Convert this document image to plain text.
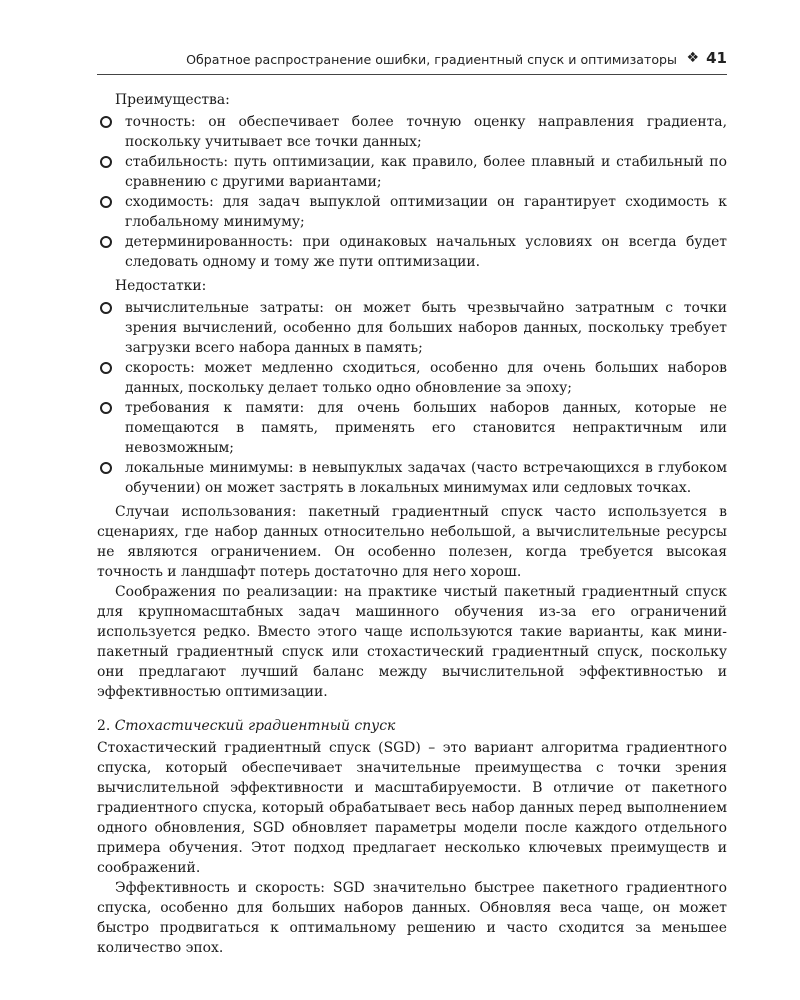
Обратное распространение ошибки, градиентный спуск и оптимизаторы ❖ 41

Преимущества:

точность: он обеспечивает более точную оценку направления градиента, поскольку учитывает все точки данных;
стабильность: путь оптимизации, как правило, более плавный и стабильный по сравнению с другими вариантами;
сходимость: для задач выпуклой оптимизации он гарантирует сходимость к глобальному минимуму;
детерминированность: при одинаковых начальных условиях он всегда будет следовать одному и тому же пути оптимизации.

Недостатки:

вычислительные затраты: он может быть чрезвычайно затратным с точки зрения вычислений, особенно для больших наборов данных, поскольку требует загрузки всего набора данных в память;
скорость: может медленно сходиться, особенно для очень больших наборов данных, поскольку делает только одно обновление за эпоху;
требования к памяти: для очень больших наборов данных, которые не помещаются в память, применять его становится непрактичным или невозможным;
локальные минимумы: в невыпуклых задачах (часто встречающихся в глубоком обучении) он может застрять в локальных минимумах или седловых точках.

Случаи использования: пакетный градиентный спуск часто используется в сценариях, где набор данных относительно небольшой, а вычислительные ресурсы не являются ограничением. Он особенно полезен, когда требуется высокая точность и ландшафт потерь достаточно для него хорош.

Соображения по реализации: на практике чистый пакетный градиентный спуск для крупномасштабных задач машинного обучения из-за его ограничений используется редко. Вместо этого чаще используются такие варианты, как мини-пакетный градиентный спуск или стохастический градиентный спуск, поскольку они предлагают лучший баланс между вычислительной эффективностью и эффективностью оптимизации.

2. Стохастический градиентный спуск

Стохастический градиентный спуск (SGD) – это вариант алгоритма градиентного спуска, который обеспечивает значительные преимущества с точки зрения вычислительной эффективности и масштабируемости. В отличие от пакетного градиентного спуска, который обрабатывает весь набор данных перед выполнением одного обновления, SGD обновляет параметры модели после каждого отдельного примера обучения. Этот подход предлагает несколько ключевых преимуществ и соображений.

Эффективность и скорость: SGD значительно быстрее пакетного градиентного спуска, особенно для больших наборов данных. Обновляя веса чаще, он может быстро продвигаться к оптимальному решению и часто сходится за меньшее количество эпох.
